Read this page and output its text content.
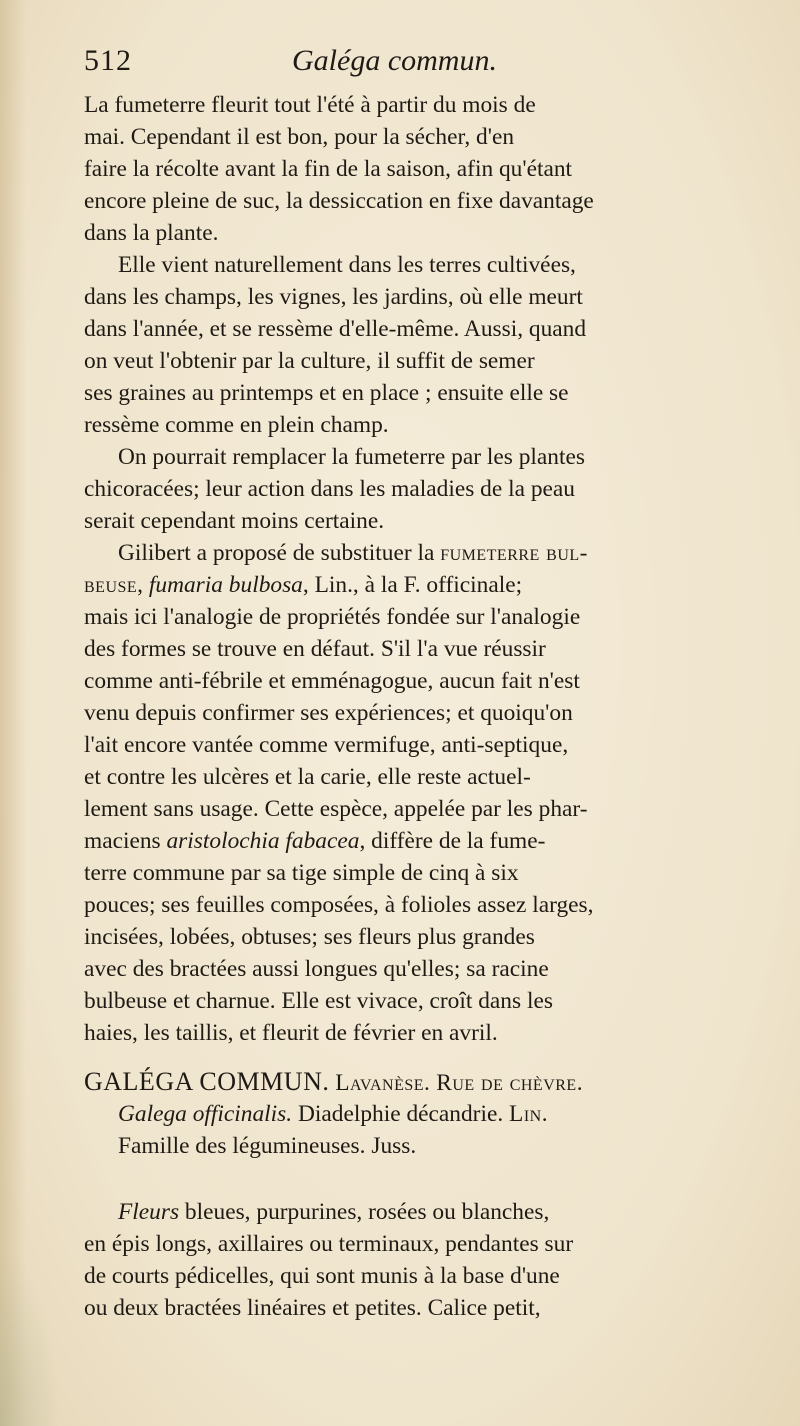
512	Galéga commun.
La fumeterre fleurit tout l'été à partir du mois de
mai. Cependant il est bon, pour la sécher, d'en
faire la récolte avant la fin de la saison, afin qu'étant
encore pleine de suc, la dessiccation en fixe davantage
dans la plante.
Elle vient naturellement dans les terres cultivées,
dans les champs, les vignes, les jardins, où elle meurt
dans l'année, et se ressème d'elle-même. Aussi, quand
on veut l'obtenir par la culture, il suffit de semer
ses graines au printemps et en place ; ensuite elle se
ressème comme en plein champ.
On pourrait remplacer la fumeterre par les plantes
chicoracées; leur action dans les maladies de la peau
serait cependant moins certaine.
Gilibert a proposé de substituer la fumeterre bul-
beuse, fumaria bulbosa, Lin., à la F. officinale;
mais ici l'analogie de propriétés fondée sur l'analogie
des formes se trouve en défaut. S'il l'a vue réussir
comme anti-fébrile et emménagogue, aucun fait n'est
venu depuis confirmer ses expériences; et quoiqu'on
l'ait encore vantée comme vermifuge, anti-septique,
et contre les ulcères et la carie, elle reste actuel-
lement sans usage. Cette espèce, appelée par les phar-
maciens aristolochia fabacea, diffère de la fume-
terre commune par sa tige simple de cinq à six
pouces; ses feuilles composées, à folioles assez larges,
incisées, lobées, obtuses; ses fleurs plus grandes
avec des bractées aussi longues qu'elles; sa racine
bulbeuse et charnue. Elle est vivace, croît dans les
haies, les taillis, et fleurit de février en avril.
GALÉGA COMMUN. Lavanèse. Rue de chèvre.
Galega officinalis. Diadelphie décandrie. Lin.
Famille des légumineuses. Juss.
Fleurs bleues, purpurines, rosées ou blanches,
en épis longs, axillaires ou terminaux, pendantes sur
de courts pédicelles, qui sont munis à la base d'une
ou deux bractées linéaires et petites. Calice petit,
